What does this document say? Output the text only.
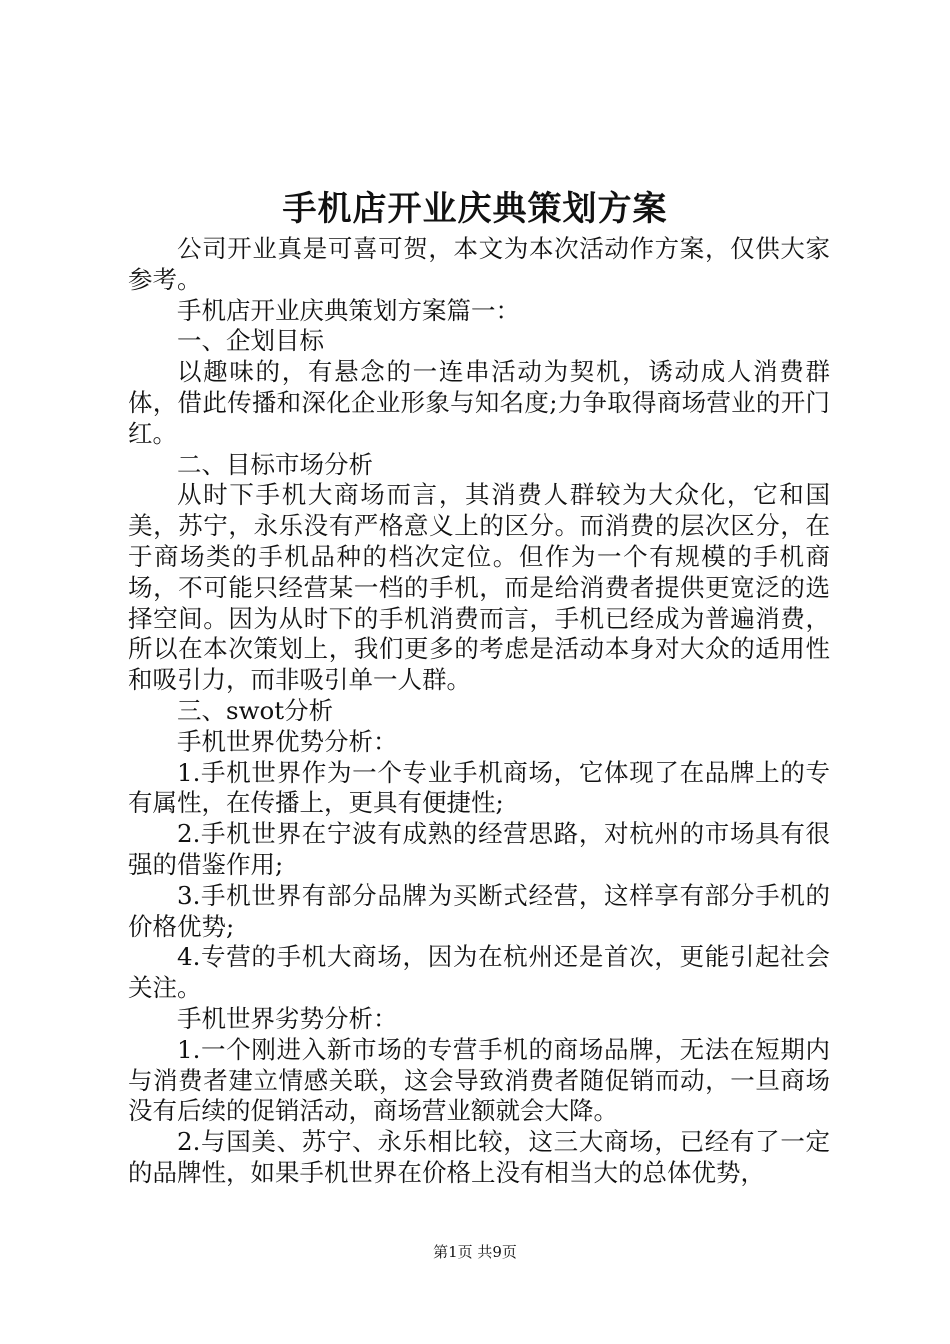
手机店开业庆典策划方案

公司开业真是可喜可贺，本文为本次活动作方案，仅供大家参考。

手机店开业庆典策划方案篇一：

一、企划目标

以趣味的，有悬念的一连串活动为契机，诱动成人消费群体，借此传播和深化企业形象与知名度;力争取得商场营业的开门红。

二、目标市场分析

从时下手机大商场而言，其消费人群较为大众化，它和国美，苏宁，永乐没有严格意义上的区分。而消费的层次区分，在于商场类的手机品种的档次定位。但作为一个有规模的手机商场，不可能只经营某一档的手机，而是给消费者提供更宽泛的选择空间。因为从时下的手机消费而言，手机已经成为普遍消费，所以在本次策划上，我们更多的考虑是活动本身对大众的适用性和吸引力，而非吸引单一人群。

三、swot分析

手机世界优势分析：

1.手机世界作为一个专业手机商场，它体现了在品牌上的专有属性，在传播上，更具有便捷性;

2.手机世界在宁波有成熟的经营思路，对杭州的市场具有很强的借鉴作用;

3.手机世界有部分品牌为买断式经营，这样享有部分手机的价格优势;

4.专营的手机大商场，因为在杭州还是首次，更能引起社会关注。

手机世界劣势分析：

1.一个刚进入新市场的专营手机的商场品牌，无法在短期内与消费者建立情感关联，这会导致消费者随促销而动，一旦商场没有后续的促销活动，商场营业额就会大降。

2.与国美、苏宁、永乐相比较，这三大商场，已经有了一定的品牌性，如果手机世界在价格上没有相当大的总体优势，

第1页 共9页
